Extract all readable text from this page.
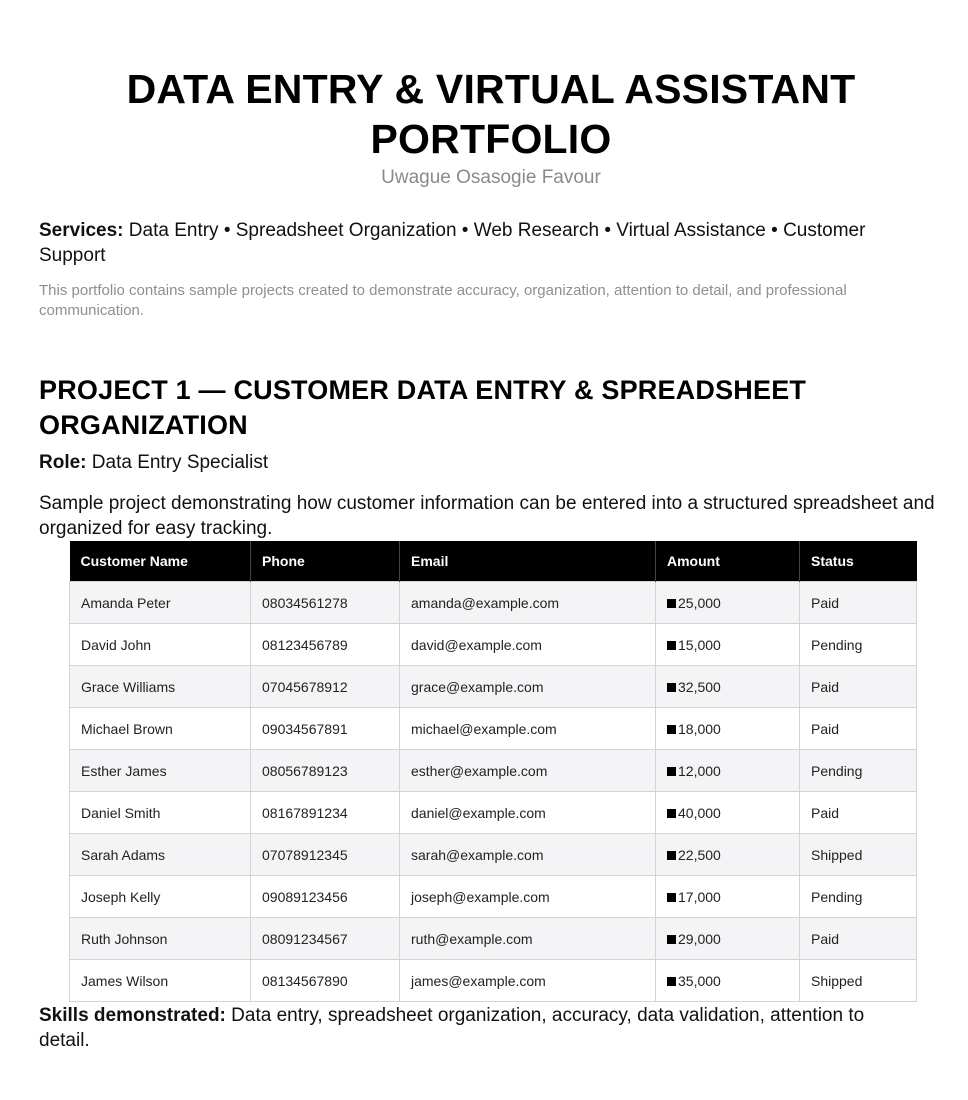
DATA ENTRY & VIRTUAL ASSISTANT PORTFOLIO
Uwague Osasogie Favour
Services: Data Entry • Spreadsheet Organization • Web Research • Virtual Assistance • Customer Support
This portfolio contains sample projects created to demonstrate accuracy, organization, attention to detail, and professional communication.
PROJECT 1 — CUSTOMER DATA ENTRY & SPREADSHEET ORGANIZATION
Role: Data Entry Specialist
Sample project demonstrating how customer information can be entered into a structured spreadsheet and organized for easy tracking.
Customer Name	Phone	Email	Amount	Status
Amanda Peter	08034561278	amanda@example.com	25,000	Paid
David John	08123456789	david@example.com	15,000	Pending
Grace Williams	07045678912	grace@example.com	32,500	Paid
Michael Brown	09034567891	michael@example.com	18,000	Paid
Esther James	08056789123	esther@example.com	12,000	Pending
Daniel Smith	08167891234	daniel@example.com	40,000	Paid
Sarah Adams	07078912345	sarah@example.com	22,500	Shipped
Joseph Kelly	09089123456	joseph@example.com	17,000	Pending
Ruth Johnson	08091234567	ruth@example.com	29,000	Paid
James Wilson	08134567890	james@example.com	35,000	Shipped
Skills demonstrated: Data entry, spreadsheet organization, accuracy, data validation, attention to detail.
